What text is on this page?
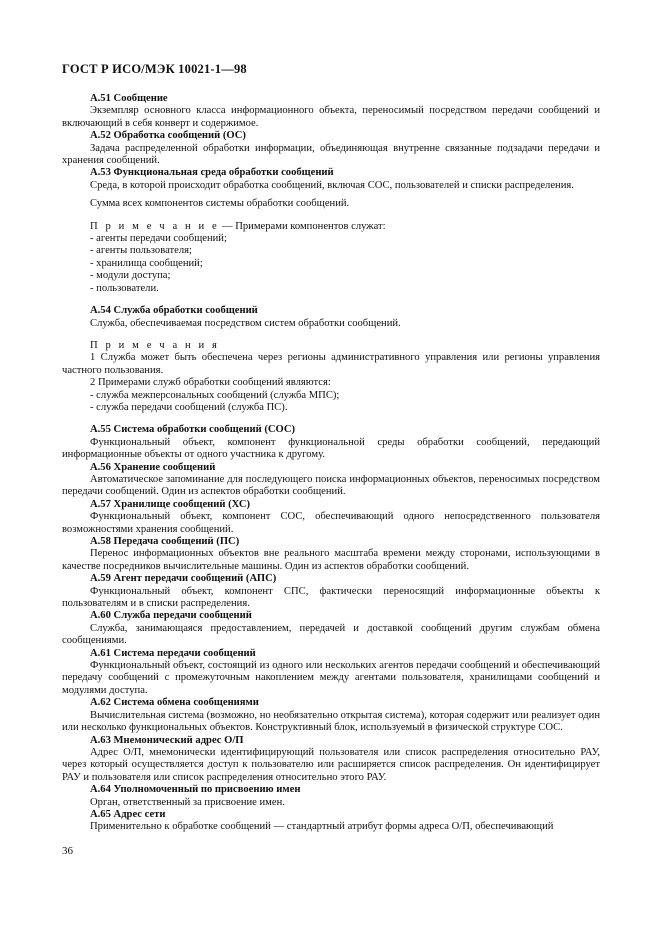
ГОСТ Р ИСО/МЭК 10021-1—98
А.51 Сообщение
Экземпляр основного класса информационного объекта, переносимый посредством передачи сообщений и включающий в себя конверт и содержимое.
А.52 Обработка сообщений (ОС)
Задача распределенной обработки информации, объединяющая внутренне связанные подзадачи передачи и хранения сообщений.
А.53 Функциональная среда обработки сообщений
Среда, в которой происходит обработка сообщений, включая СОС, пользователей и списки распределения.
Сумма всех компонентов системы обработки сообщений.
П р и м е ч а н и е — Примерами компонентов служат:
- агенты передачи сообщений;
- агенты пользователя;
- хранилища сообщений;
- модули доступа;
- пользователи.
А.54 Служба обработки сообщений
Служба, обеспечиваемая посредством систем обработки сообщений.
П р и м е ч а н и я
1 Служба может быть обеспечена через регионы административного управления или регионы управления частного пользования.
2 Примерами служб обработки сообщений являются:
- служба межперсональных сообщений (служба МПС);
- служба передачи сообщений (служба ПС).
А.55 Система обработки сообщений (СОС)
Функциональный объект, компонент функциональной среды обработки сообщений, передающий информационные объекты от одного участника к другому.
А.56 Хранение сообщений
Автоматическое запоминание для последующего поиска информационных объектов, переносимых посредством передачи сообщений. Один из аспектов обработки сообщений.
А.57 Хранилище сообщений (ХС)
Функциональный объект, компонент СОС, обеспечивающий одного непосредственного пользователя возможностями хранения сообщений.
А.58 Передача сообщений (ПС)
Перенос информационных объектов вне реального масштаба времени между сторонами, использующими в качестве посредников вычислительные машины. Один из аспектов обработки сообщений.
А.59 Агент передачи сообщений (АПС)
Функциональный объект, компонент СПС, фактически переносящий информационные объекты к пользователям и в списки распределения.
А.60 Служба передачи сообщений
Служба, занимающаяся предоставлением, передачей и доставкой сообщений другим службам обмена сообщениями.
А.61 Система передачи сообщений
Функциональный объект, состоящий из одного или нескольких агентов передачи сообщений и обеспечивающий передачу сообщений с промежуточным накоплением между агентами пользователя, хранилищами сообщений и модулями доступа.
А.62 Система обмена сообщениями
Вычислительная система (возможно, но необязательно открытая система), которая содержит или реализует один или несколько функциональных объектов. Конструктивный блок, используемый в физической структуре СОС.
А.63 Мнемонический адрес О/П
Адрес О/П, мнемонически идентифицирующий пользователя или список распределения относительно РАУ, через который осуществляется доступ к пользователю или расширяется список распределения. Он идентифицирует РАУ и пользователя или список распределения относительно этого РАУ.
А.64 Уполномоченный по присвоению имен
Орган, ответственный за присвоение имен.
А.65 Адрес сети
Применительно к обработке сообщений — стандартный атрибут формы адреса О/П, обеспечивающий
36
